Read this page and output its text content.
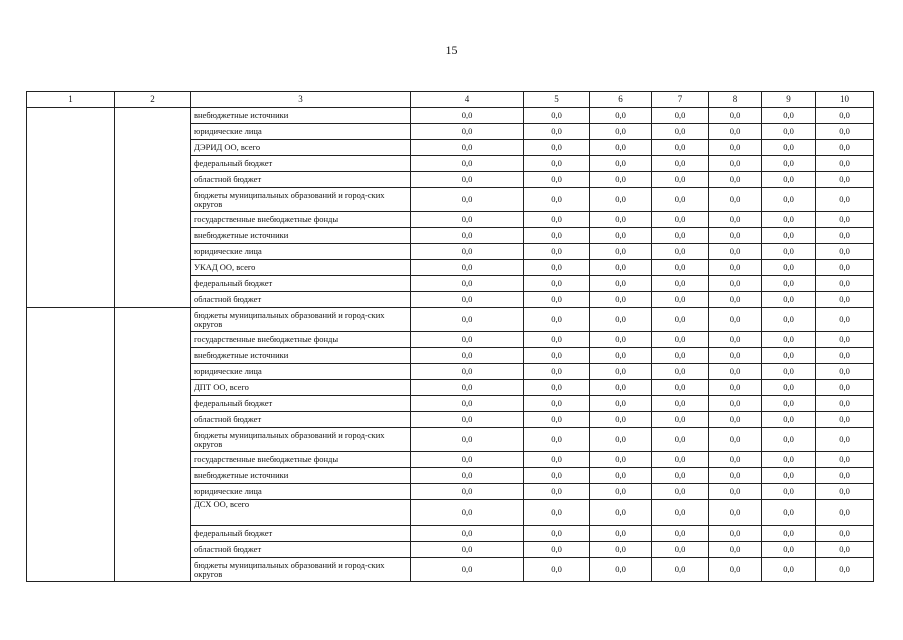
15
1	2	3	4	5	6	7	8	9	10
		внебюджетные источники	0,0	0,0	0,0	0,0	0,0	0,0	0,0
		юридические лица	0,0	0,0	0,0	0,0	0,0	0,0	0,0
		ДЭРИД ОО, всего	0,0	0,0	0,0	0,0	0,0	0,0	0,0
		федеральный бюджет	0,0	0,0	0,0	0,0	0,0	0,0	0,0
		областной бюджет	0,0	0,0	0,0	0,0	0,0	0,0	0,0
		бюджеты муниципальных образований и город-ских округов	0,0	0,0	0,0	0,0	0,0	0,0	0,0
		государственные внебюджетные фонды	0,0	0,0	0,0	0,0	0,0	0,0	0,0
		внебюджетные источники	0,0	0,0	0,0	0,0	0,0	0,0	0,0
		юридические лица	0,0	0,0	0,0	0,0	0,0	0,0	0,0
		УКАД ОО, всего	0,0	0,0	0,0	0,0	0,0	0,0	0,0
		федеральный бюджет	0,0	0,0	0,0	0,0	0,0	0,0	0,0
		областной бюджет	0,0	0,0	0,0	0,0	0,0	0,0	0,0
		бюджеты муниципальных образований и город-ских округов	0,0	0,0	0,0	0,0	0,0	0,0	0,0
		государственные внебюджетные фонды	0,0	0,0	0,0	0,0	0,0	0,0	0,0
		внебюджетные источники	0,0	0,0	0,0	0,0	0,0	0,0	0,0
		юридические лица	0,0	0,0	0,0	0,0	0,0	0,0	0,0
		ДПТ ОО, всего	0,0	0,0	0,0	0,0	0,0	0,0	0,0
		федеральный бюджет	0,0	0,0	0,0	0,0	0,0	0,0	0,0
		областной бюджет	0,0	0,0	0,0	0,0	0,0	0,0	0,0
		бюджеты муниципальных образований и город-ских округов	0,0	0,0	0,0	0,0	0,0	0,0	0,0
		государственные внебюджетные фонды	0,0	0,0	0,0	0,0	0,0	0,0	0,0
		внебюджетные источники	0,0	0,0	0,0	0,0	0,0	0,0	0,0
		юридические лица	0,0	0,0	0,0	0,0	0,0	0,0	0,0
		ДСХ ОО, всего	0,0	0,0	0,0	0,0	0,0	0,0	0,0
		федеральный бюджет	0,0	0,0	0,0	0,0	0,0	0,0	0,0
		областной бюджет	0,0	0,0	0,0	0,0	0,0	0,0	0,0
		бюджеты муниципальных образований и город-ских округов	0,0	0,0	0,0	0,0	0,0	0,0	0,0
